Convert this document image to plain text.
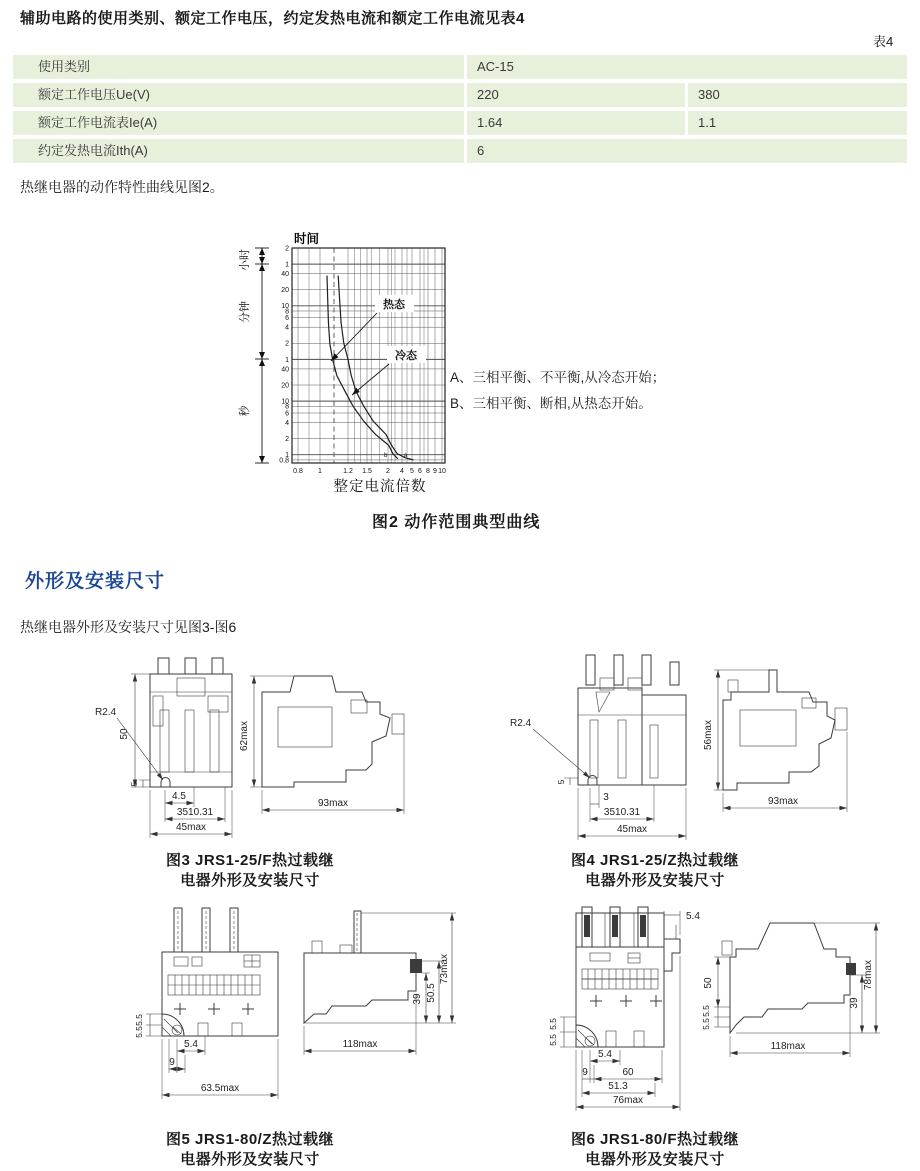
辅助电路的使用类别、额定工作电压，约定发热电流和额定工作电流见表4
表4
使用类别	AC-15
额定工作电压Ue(V)	220	380
额定工作电流表Ie(A)	1.64	1.1
约定发热电流Ith(A)	6
热继电器的动作特性曲线见图2。
2
1
40
20
10
8
6
4
2
1
40
20
10
8
6
4
2
1
0.8
0.8 1	1.2 1.5 2 4 5 6 8 9 10
小时
分钟
秒
时间
整定电流倍数
热态
冷态
b	a
A、三相平衡、不平衡,从冷态开始；
B、三相平衡、断相,从热态开始。
图2 动作范围典型曲线
外形及安装尺寸
热继电器外形及安装尺寸见图3-图6
50
5
R2.4
4.5
3510.31
45max
62max
93max
图3 JRS1-25/F热过载继
电器外形及安装尺寸
R2.4
5
3
3510.31
45max
56max
93max
图4 JRS1-25/Z热过载继
电器外形及安装尺寸
5.5
5.5
5.4
9
63.5max
39 50.5
73max
118max
图5 JRS1-80/Z热过载继
电器外形及安装尺寸
5.4
5.5
5.5
5.4
9	60
51.3
76max
50
5.5
5.5
39
78max
118max
图6 JRS1-80/F热过载继
电器外形及安装尺寸
